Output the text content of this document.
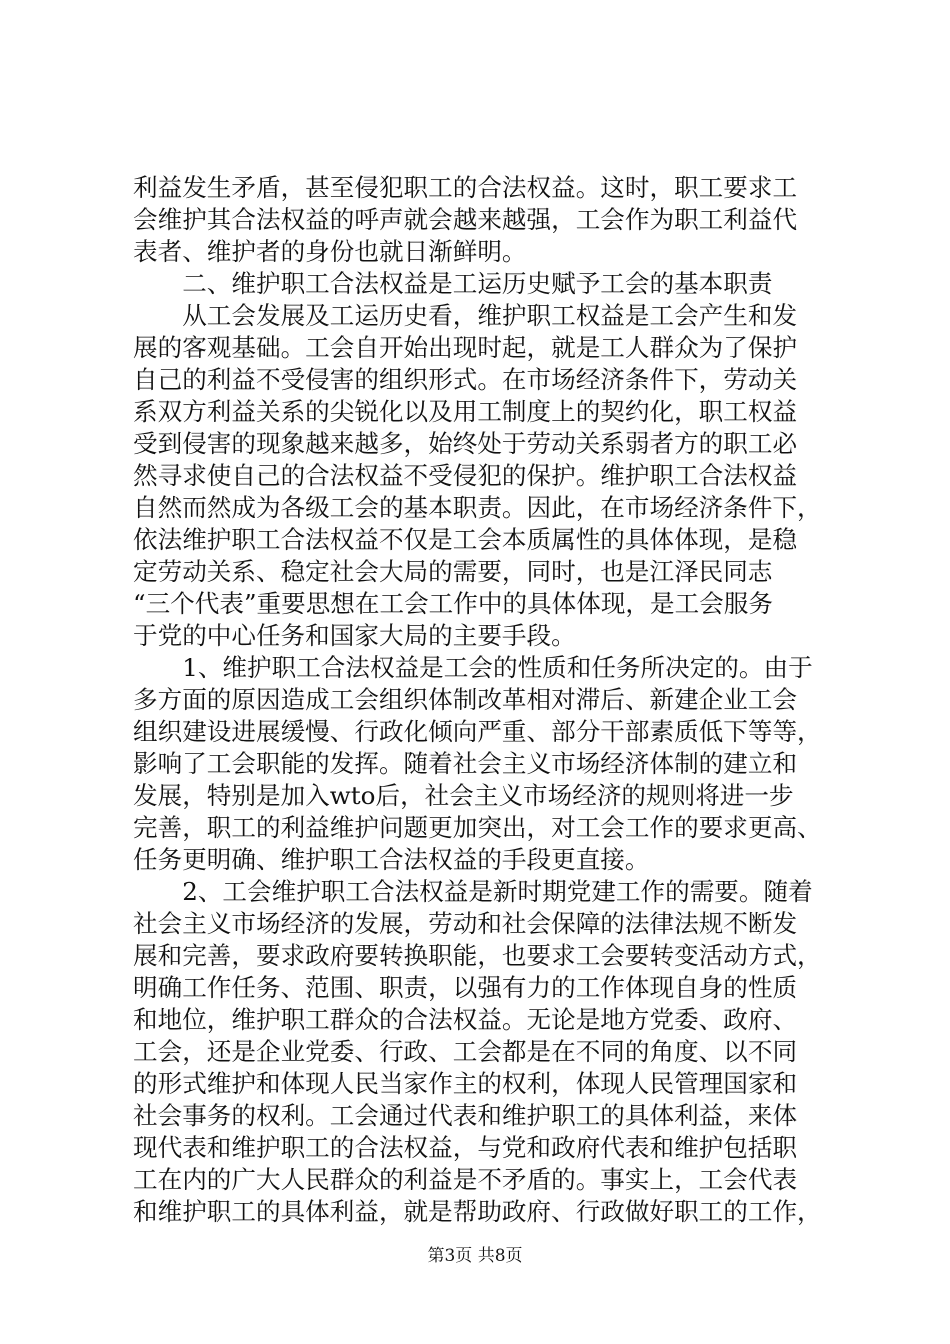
利益发生矛盾，甚至侵犯职工的合法权益。这时，职工要求工
会维护其合法权益的呼声就会越来越强，工会作为职工利益代
表者、维护者的身份也就日渐鲜明。
　　二、维护职工合法权益是工运历史赋予工会的基本职责
　　从工会发展及工运历史看，维护职工权益是工会产生和发
展的客观基础。工会自开始出现时起，就是工人群众为了保护
自己的利益不受侵害的组织形式。在市场经济条件下，劳动关
系双方利益关系的尖锐化以及用工制度上的契约化，职工权益
受到侵害的现象越来越多，始终处于劳动关系弱者方的职工必
然寻求使自己的合法权益不受侵犯的保护。维护职工合法权益
自然而然成为各级工会的基本职责。因此，在市场经济条件下，
依法维护职工合法权益不仅是工会本质属性的具体体现，是稳
定劳动关系、稳定社会大局的需要，同时，也是江泽民同志
“三个代表”重要思想在工会工作中的具体体现，是工会服务
于党的中心任务和国家大局的主要手段。
　　1、维护职工合法权益是工会的性质和任务所决定的。由于
多方面的原因造成工会组织体制改革相对滞后、新建企业工会
组织建设进展缓慢、行政化倾向严重、部分干部素质低下等等，
影响了工会职能的发挥。随着社会主义市场经济体制的建立和
发展，特别是加入wto后，社会主义市场经济的规则将进一步
完善，职工的利益维护问题更加突出，对工会工作的要求更高、
任务更明确、维护职工合法权益的手段更直接。
　　2、工会维护职工合法权益是新时期党建工作的需要。随着
社会主义市场经济的发展，劳动和社会保障的法律法规不断发
展和完善，要求政府要转换职能，也要求工会要转变活动方式，
明确工作任务、范围、职责，以强有力的工作体现自身的性质
和地位，维护职工群众的合法权益。无论是地方党委、政府、
工会，还是企业党委、行政、工会都是在不同的角度、以不同
的形式维护和体现人民当家作主的权利，体现人民管理国家和
社会事务的权利。工会通过代表和维护职工的具体利益，来体
现代表和维护职工的合法权益，与党和政府代表和维护包括职
工在内的广大人民群众的利益是不矛盾的。事实上，工会代表
和维护职工的具体利益，就是帮助政府、行政做好职工的工作，
第3页 共8页
